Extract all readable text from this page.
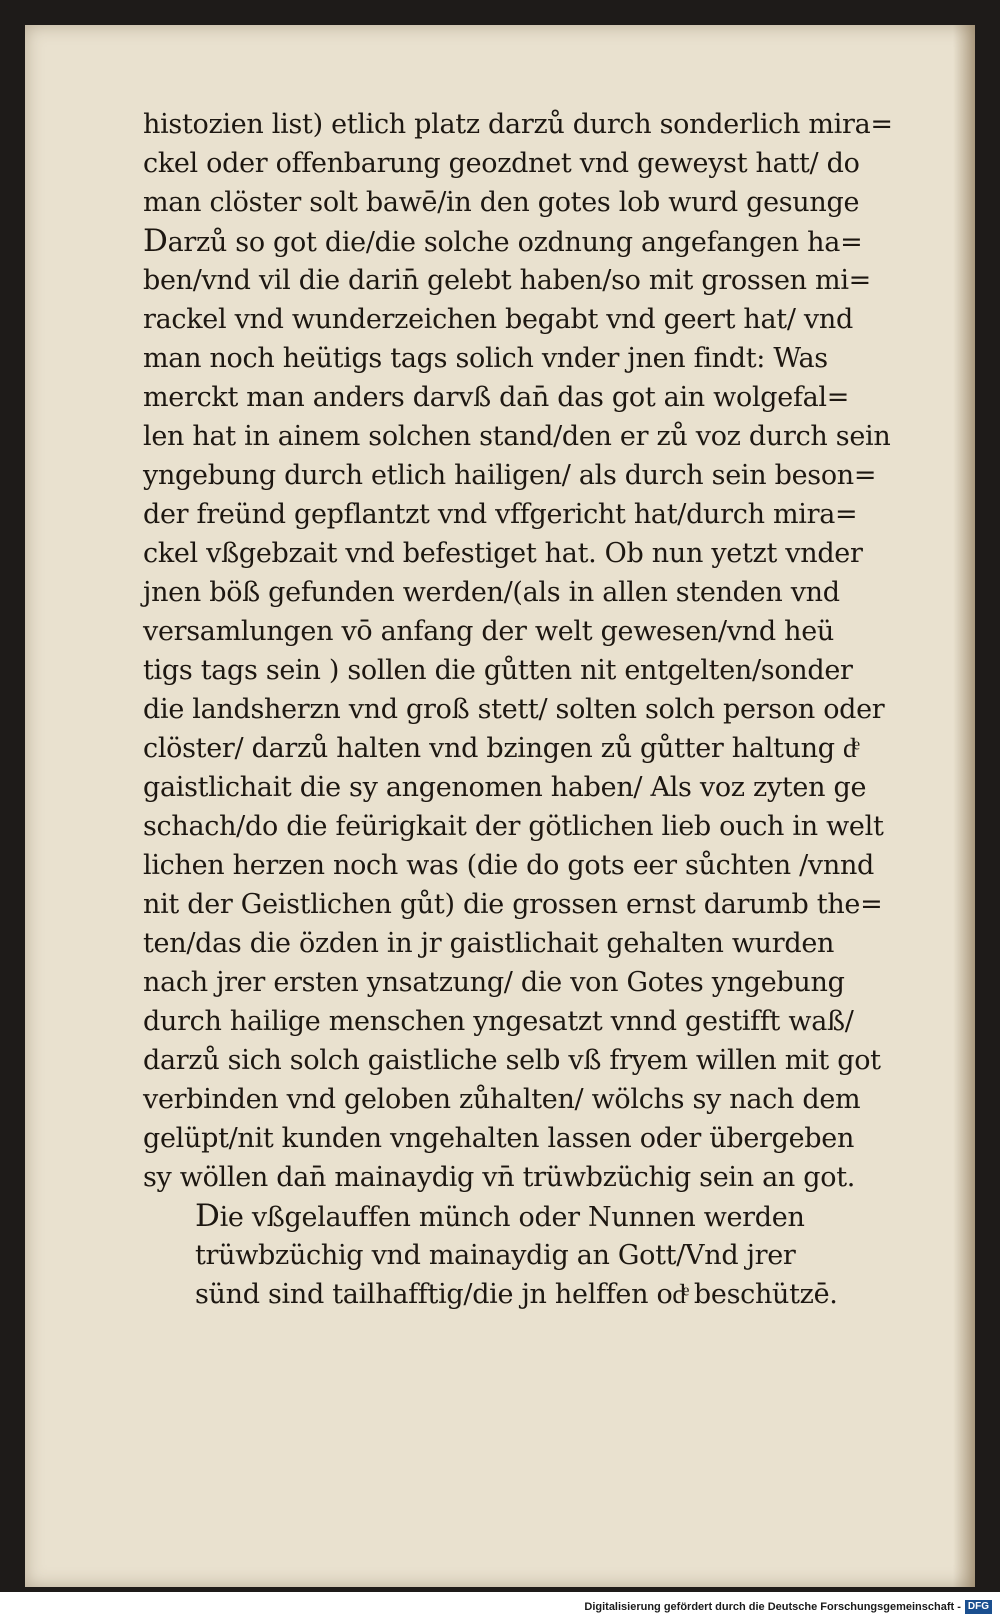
histozien list) etlich platz darzů durch sonderlich mira=
ckel oder offenbarung geozdnet vnd geweyst hatt/ do
man clöster solt bawē/in den gotes lob wurd gesunge
Darzů so got die/die solche ozdnung angefangen ha=
ben/vnd vil die darin̄ gelebt haben/so mit grossen mi=
rackel vnd wunderzeichen begabt vnd geert hat/ vnd
man noch heütigs tags solich vnder jnen findt: Was
merckt man anders darvß dan̄ das got ain wolgefal=
len hat in ainem solchen stand/den er zů voz durch sein
yngebung durch etlich hailigen/ als durch sein beson=
der freünd gepflantzt vnd vffgericht hat/durch mira=
ckel vßgebzait vnd befestiget hat. Ob nun yetzt vnder
jnen böß gefunden werden/(als in allen stenden vnd
versamlungen vō anfang der welt gewesen/vnd heü
tigs tags sein ) sollen die gůtten nit entgelten/sonder
die landsherzn vnd groß stett/ solten solch person oder
clöster/ darzů halten vnd bzingen zů gůtter haltung dͤ
gaistlichait die sy angenomen haben/ Als voz zyten ge
schach/do die feürigkait der götlichen lieb ouch in welt
lichen herzen noch was (die do gots eer sůchten /vnnd
nit der Geistlichen gůt) die grossen ernst darumb the=
ten/das die özden in jr gaistlichait gehalten wurden
nach jrer ersten ynsatzung/ die von Gotes yngebung
durch hailige menschen yngesatzt vnnd gestifft waß/
darzů sich solch gaistliche selb vß fryem willen mit got
verbinden vnd geloben zůhalten/ wölchs sy nach dem
gelüpt/nit kunden vngehalten lassen oder übergeben
sy wöllen dan̄ mainaydig vn̄ trüwbzüchig sein an got.
Die vßgelauffen münch oder Nunnen werden
trüwbzüchig vnd mainaydig an Gott/Vnd jrer
sünd sind tailhafftig/die jn helffen odͤ beschützē.
Digitalisierung gefördert durch die Deutsche Forschungsgemeinschaft - DFG
